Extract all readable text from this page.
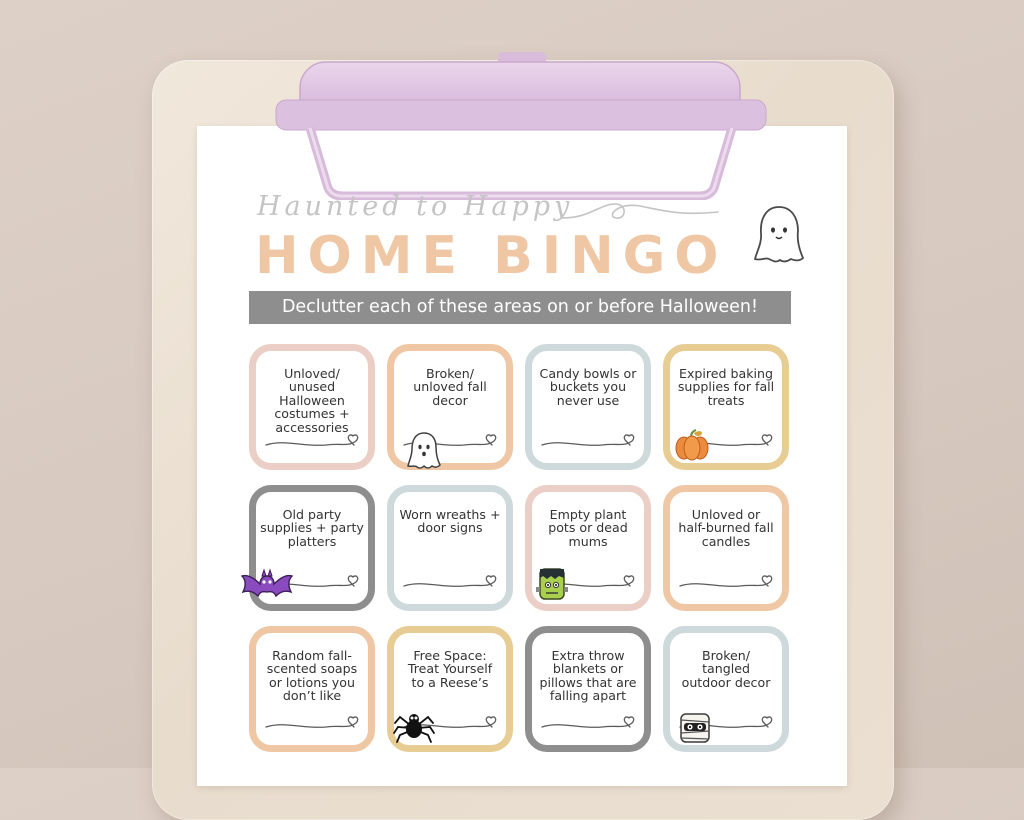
Haunted to Happy
HOME BINGO
Declutter each of these areas on or before Halloween!
Unloved/
unused
Halloween
costumes +
accessories
Broken/
unloved fall
decor
Candy bowls or
buckets you
never use
Expired baking
supplies for fall
treats
Old party
supplies + party
platters
Worn wreaths +
door signs
Empty plant
pots or dead
mums
Unloved or
half-burned fall
candles
Random fall-
scented soaps
or lotions you
don’t like
Free Space:
Treat Yourself
to a Reese’s
Extra throw
blankets or
pillows that are
falling apart
Broken/
tangled
outdoor decor
